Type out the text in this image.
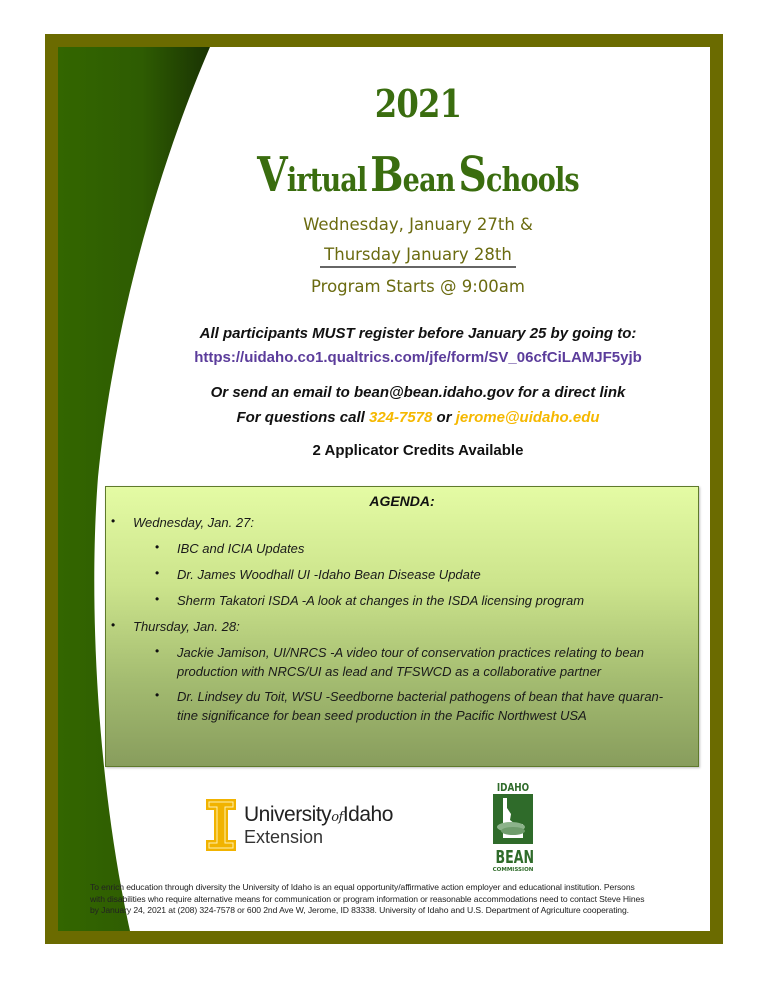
2021
Virtual Bean Schools
Wednesday, January 27th &
Thursday January 28th
Program Starts @ 9:00am
All participants MUST register before January 25 by going to:
https://uidaho.co1.qualtrics.com/jfe/form/SV_06cfCiLAMJF5yjb
Or send an email to bean@bean.idaho.gov for a direct link
For questions call 324-7578 or jerome@uidaho.edu
2 Applicator Credits Available
AGENDA:
• Wednesday, Jan. 27:
• IBC and ICIA Updates
• Dr. James Woodhall UI -Idaho Bean Disease Update
• Sherm Takatori ISDA -A look at changes in the ISDA licensing program
• Thursday, Jan. 28:
• Jackie Jamison, UI/NRCS -A video tour of conservation practices relating to bean
production with NRCS/UI as lead and TFSWCD as a collaborative partner
• Dr. Lindsey du Toit, WSU -Seedborne bacterial pathogens of bean that have quaran-
tine significance for bean seed production in the Pacific Northwest USA
UniversityofIdaho
Extension
IDAHO
BEAN
COMMISSION
To enrich education through diversity the University of Idaho is an equal opportunity/affirmative action employer and educational institution. Persons
with disabilities who require alternative means for communication or program information or reasonable accommodations need to contact Steve Hines
by January 24, 2021 at (208) 324-7578 or 600 2nd Ave W, Jerome, ID 83338. University of Idaho and U.S. Department of Agriculture cooperating.
